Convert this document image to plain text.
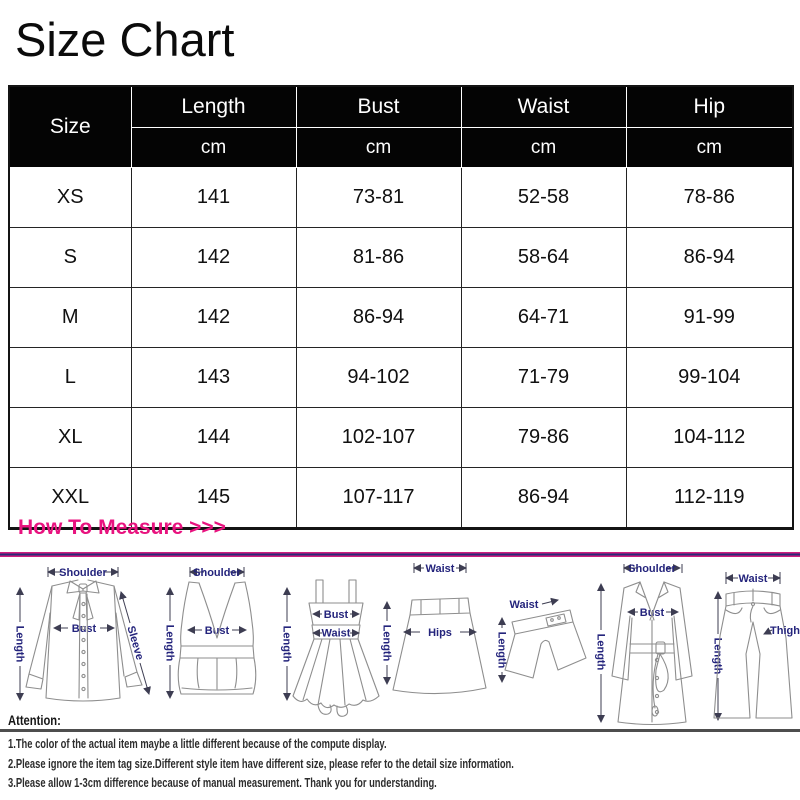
Size Chart
Size	Length	Bust	Waist	Hip
	cm	cm	cm	cm
XS	141	73-81	52-58	78-86
S	142	81-86	58-64	86-94
M	142	86-94	64-71	91-99
L	143	94-102	71-79	99-104
XL	144	102-107	79-86	104-112
XXL	145	107-117	86-94	112-119
How To Measure >>>
Shoulder
Length	Bust	Sleeve
Shoulder
Length	Bust	Length
Bust
Waist
Waist
Length	Hips
Waist
Length
Shoulder
Length
Bust
Waist
Length
Thigh
Attention:
1.The color of the actual item maybe a little different because of the compute display.
2.Please ignore the item tag size.Different style item have different size, please refer to the detail size information.
3.Please allow 1-3cm difference because of manual measurement. Thank you for understanding.
